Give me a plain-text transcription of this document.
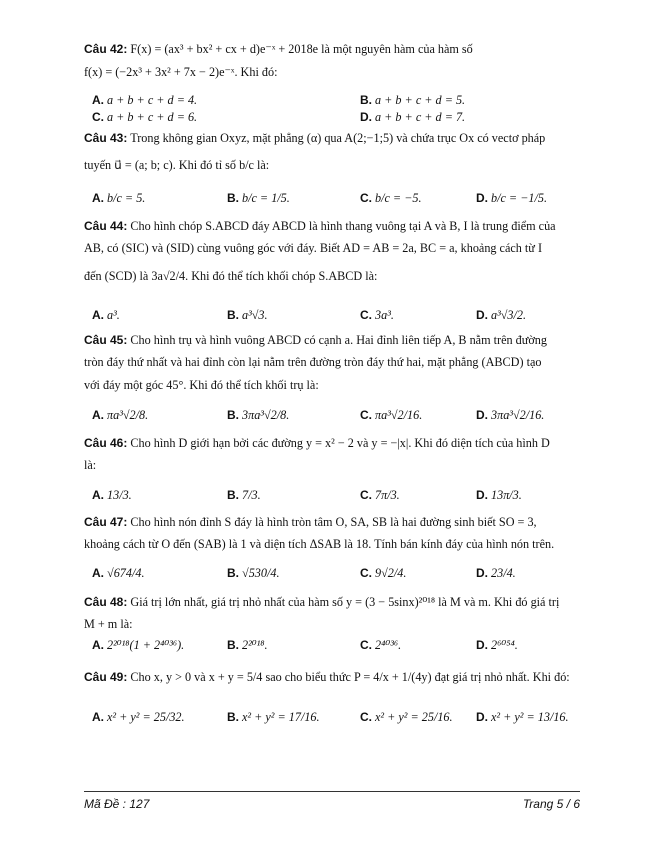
Câu 42: F(x) = (ax³ + bx² + cx + d)e⁻ˣ + 2018e là một nguyên hàm của hàm số
f(x) = (−2x³ + 3x² + 7x − 2)e⁻ˣ. Khi đó:
A. a + b + c + d = 4.	B. a + b + c + d = 5.
C. a + b + c + d = 6.	D. a + b + c + d = 7.
Câu 43: Trong không gian Oxyz, mặt phẳng (α) qua A(2;−1;5) và chứa trục Ox có vectơ pháp
tuyến u⃗ = (a; b; c). Khi đó tỉ số b/c là:
A. b/c = 5.	B. b/c = 1/5.	C. b/c = −5.	D. b/c = −1/5.
Câu 44: Cho hình chóp S.ABCD đáy ABCD là hình thang vuông tại A và B, I là trung điểm của
AB, có (SIC) và (SID) cùng vuông góc với đáy. Biết AD = AB = 2a, BC = a, khoảng cách từ I
đến (SCD) là 3a√2/4. Khi đó thể tích khối chóp S.ABCD là:
A. a³.	B. a³√3.	C. 3a³.	D. a³√3/2.
Câu 45: Cho hình trụ và hình vuông ABCD có cạnh a. Hai đỉnh liên tiếp A, B nằm trên đường
tròn đáy thứ nhất và hai đỉnh còn lại nằm trên đường tròn đáy thứ hai, mặt phẳng (ABCD) tạo
với đáy một góc 45°. Khi đó thể tích khối trụ là:
A. πa³√2/8.	B. 3πa³√2/8.	C. πa³√2/16.	D. 3πa³√2/16.
Câu 46: Cho hình D giới hạn bởi các đường y = x² − 2 và y = −|x|. Khi đó diện tích của hình D
là:
A. 13/3.	B. 7/3.	C. 7π/3.	D. 13π/3.
Câu 47: Cho hình nón đỉnh S đáy là hình tròn tâm O, SA, SB là hai đường sinh biết SO = 3,
khoảng cách từ O đến (SAB) là 1 và diện tích ΔSAB là 18. Tính bán kính đáy của hình nón trên.
A. √674/4.	B. √530/4.	C. 9√2/4.	D. 23/4.
Câu 48: Giá trị lớn nhất, giá trị nhỏ nhất của hàm số y = (3 − 5sinx)²⁰¹⁸ là M và m. Khi đó giá trị
M + m là:
A. 2²⁰¹⁸(1 + 2⁴⁰³⁶).	B. 2²⁰¹⁸.	C. 2⁴⁰³⁶.	D. 2⁶⁰⁵⁴.
Câu 49: Cho x, y > 0 và x + y = 5/4 sao cho biểu thức P = 4/x + 1/(4y) đạt giá trị nhỏ nhất. Khi đó:
A. x² + y² = 25/32.	B. x² + y² = 17/16.	C. x² + y² = 25/16. D. x² + y² = 13/16.
Mã Đề : 127	Trang 5 / 6
